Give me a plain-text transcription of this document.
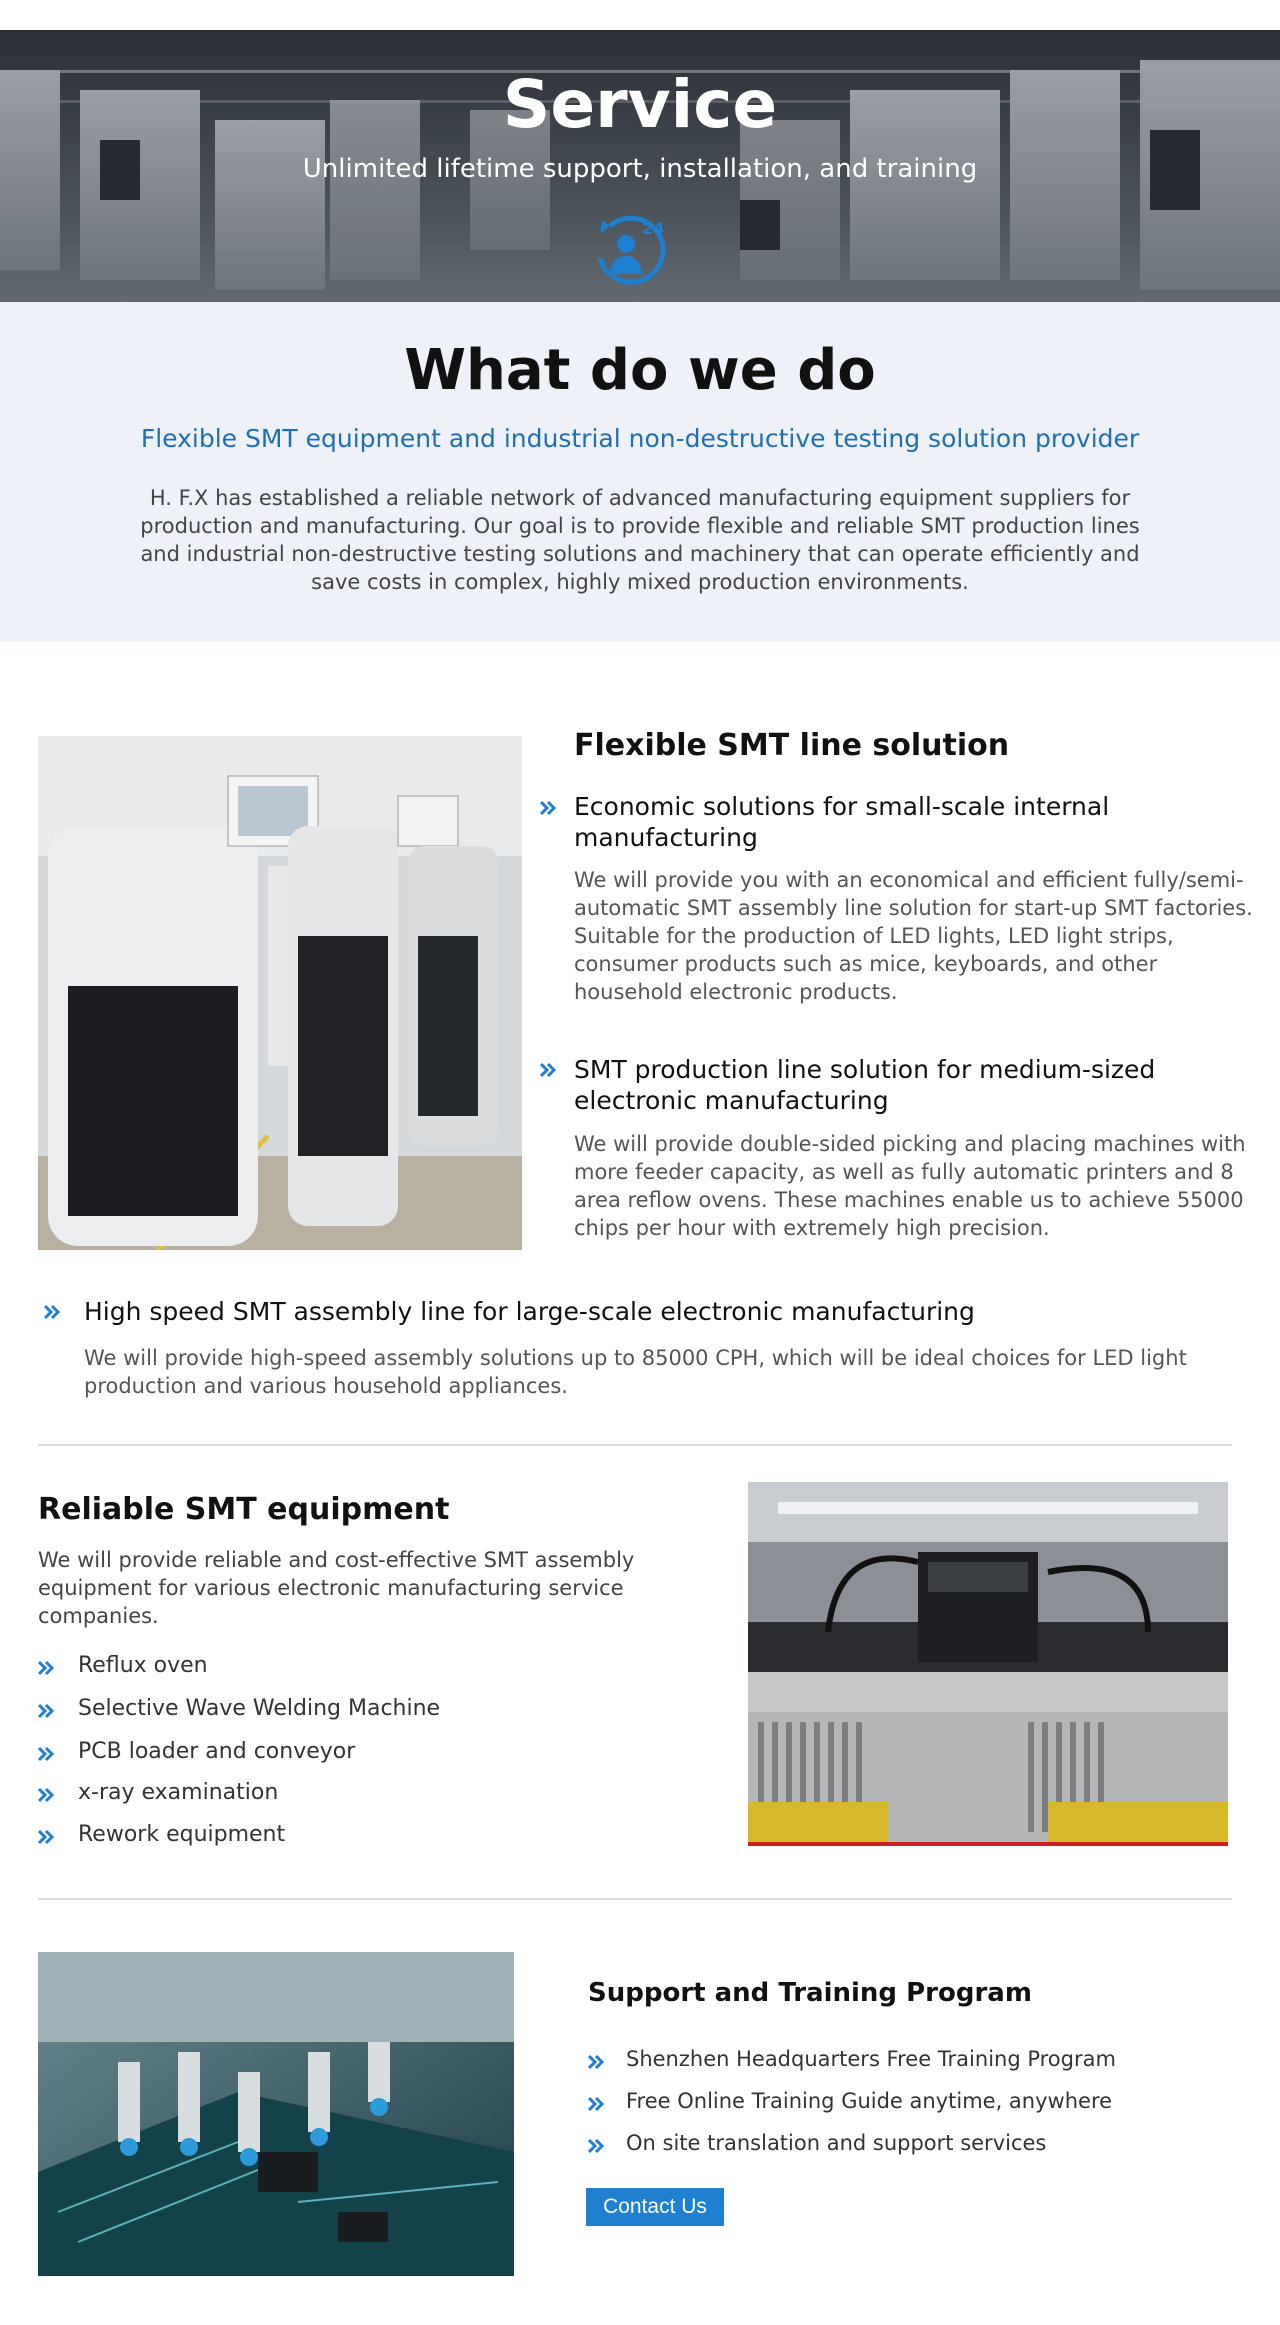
Service
Unlimited lifetime support, installation, and training
24
What do we do
Flexible SMT equipment and industrial non-destructive testing solution provider

H. F.X has established a reliable network of advanced manufacturing equipment suppliers for production and manufacturing. Our goal is to provide flexible and reliable SMT production lines and industrial non-destructive testing solutions and machinery that can operate efficiently and save costs in complex, highly mixed production environments.

Flexible SMT line solution
Economic solutions for small-scale internal manufacturing
We will provide you with an economical and efficient fully/semi-automatic SMT assembly line solution for start-up SMT factories. Suitable for the production of LED lights, LED light strips, consumer products such as mice, keyboards, and other household electronic products.
SMT production line solution for medium-sized electronic manufacturing
We will provide double-sided picking and placing machines with more feeder capacity, as well as fully automatic printers and 8 area reflow ovens. These machines enable us to achieve 55000 chips per hour with extremely high precision.
High speed SMT assembly line for large-scale electronic manufacturing
We will provide high-speed assembly solutions up to 85000 CPH, which will be ideal choices for LED light production and various household appliances.
Reliable SMT equipment
We will provide reliable and cost-effective SMT assembly equipment for various electronic manufacturing service companies.
Reflux oven
Selective Wave Welding Machine
PCB loader and conveyor
x-ray examination
Rework equipment
Support and Training Program
Shenzhen Headquarters Free Training Program
Free Online Training Guide anytime, anywhere
On site translation and support services
Contact Us
